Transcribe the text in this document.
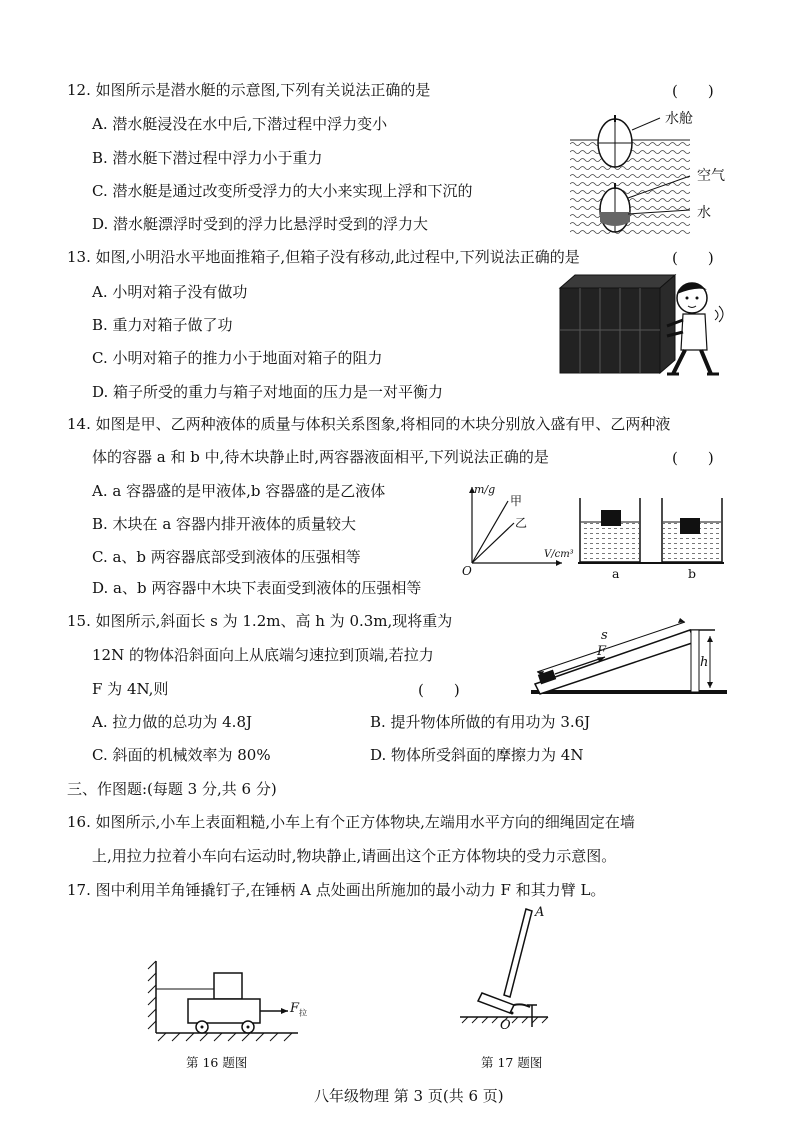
12. 如图所示是潜水艇的示意图,下列有关说法正确的是	(　　)
A. 潜水艇浸没在水中后,下潜过程中浮力变小
B. 潜水艇下潜过程中浮力小于重力
C. 潜水艇是通过改变所受浮力的大小来实现上浮和下沉的
D. 潜水艇漂浮时受到的浮力比悬浮时受到的浮力大
水舱
空气
水
13. 如图,小明沿水平地面推箱子,但箱子没有移动,此过程中,下列说法正确的是	(　　)
A. 小明对箱子没有做功
B. 重力对箱子做了功
C. 小明对箱子的推力小于地面对箱子的阻力
D. 箱子所受的重力与箱子对地面的压力是一对平衡力
14. 如图是甲、乙两种液体的质量与体积关系图象,将相同的木块分别放入盛有甲、乙两种液
体的容器 a 和 b 中,待木块静止时,两容器液面相平,下列说法正确的是	(　　)
A. a 容器盛的是甲液体,b 容器盛的是乙液体
B. 木块在 a 容器内排开液体的质量较大
C. a、b 两容器底部受到液体的压强相等
D. a、b 两容器中木块下表面受到液体的压强相等
m/g
甲
乙
V/cm³
O	a	b
15. 如图所示,斜面长 s 为 1.2m、高 h 为 0.3m,现将重为
12N 的物体沿斜面向上从底端匀速拉到顶端,若拉力
F 为 4N,则	(　　)
A. 拉力做的总功为 4.8J	B. 提升物体所做的有用功为 3.6J
C. 斜面的机械效率为 80%	D. 物体所受斜面的摩擦力为 4N
s
F
h
三、作图题:(每题 3 分,共 6 分)
16. 如图所示,小车上表面粗糙,小车上有个正方体物块,左端用水平方向的细绳固定在墙
上,用拉力拉着小车向右运动时,物块静止,请画出这个正方体物块的受力示意图。
17. 图中利用羊角锤撬钉子,在锤柄 A 点处画出所施加的最小动力 F 和其力臂 L。
$F_拉$
第 16 题图
A
O
第 17 题图
八年级物理 第 3 页(共 6 页)
